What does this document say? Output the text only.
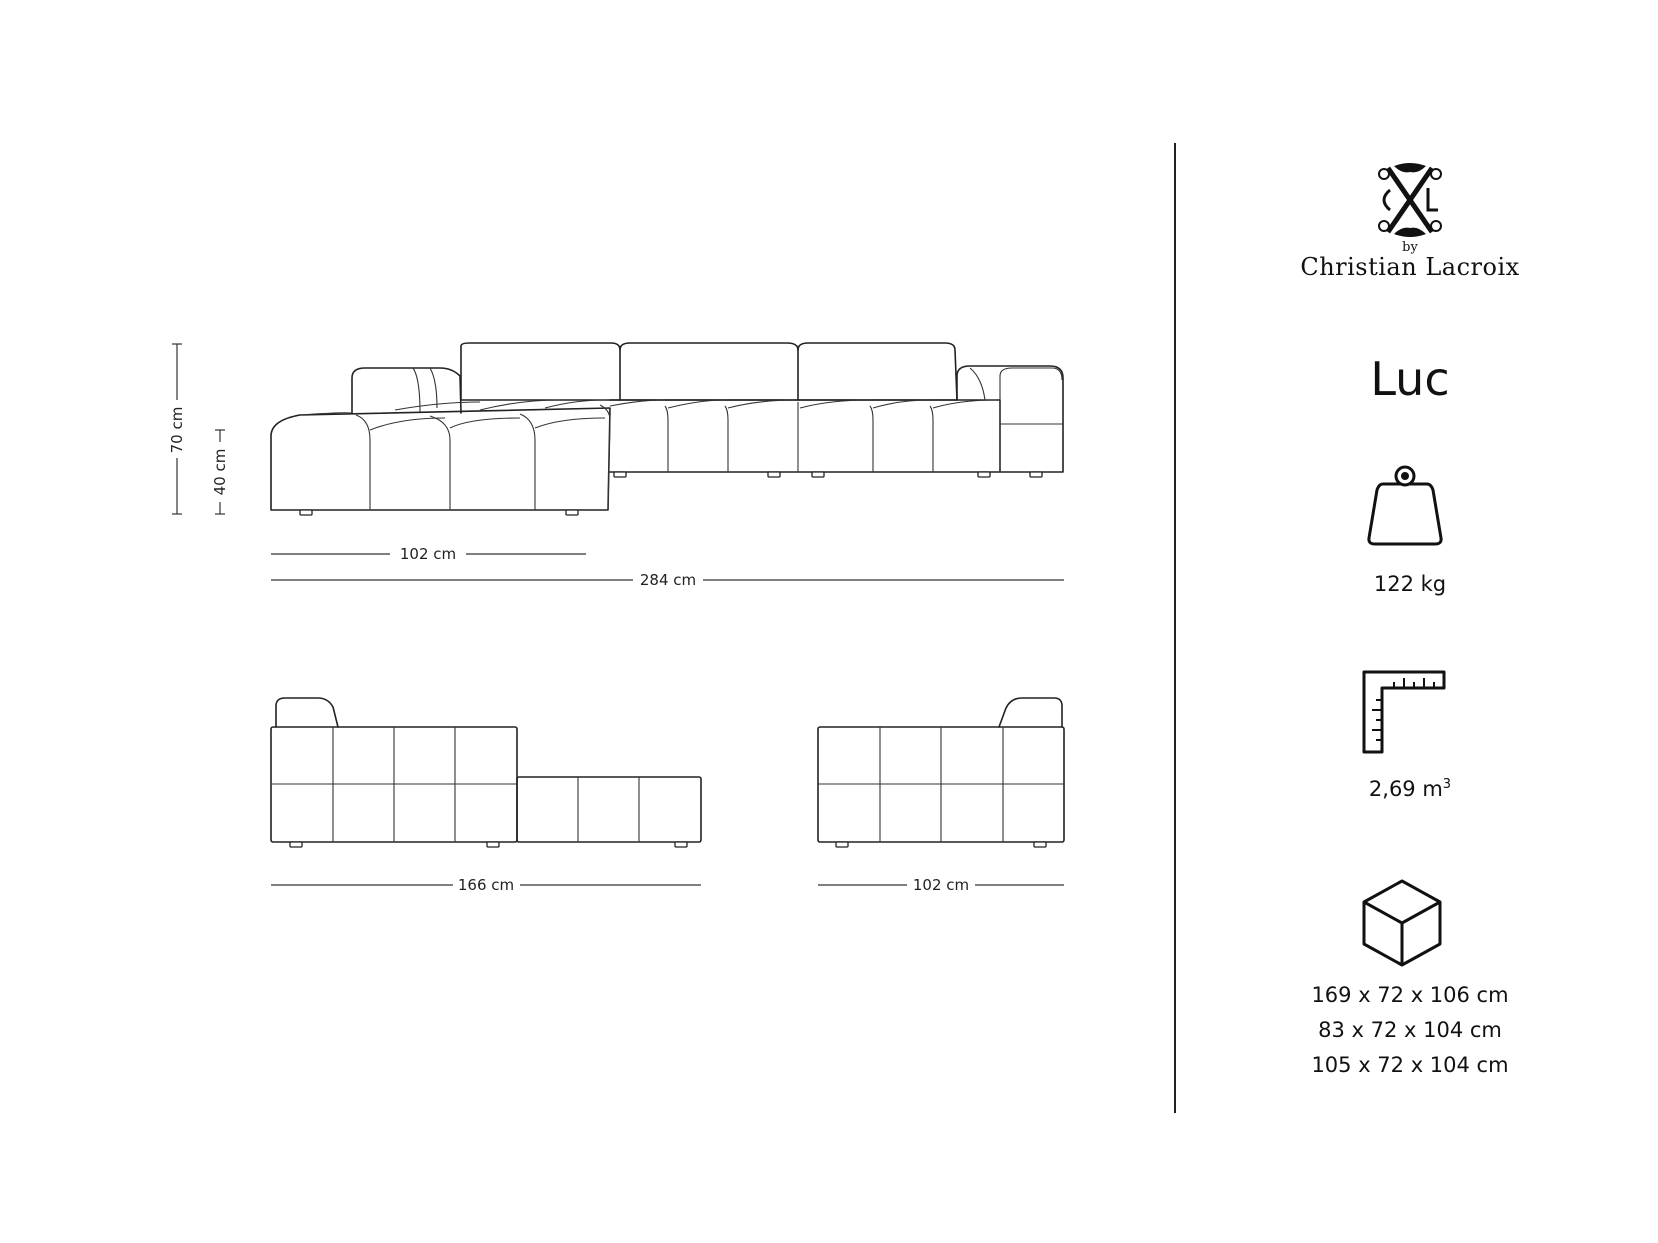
70 cm
40 cm
102 cm
284 cm
166 cm	102 cm
by
Christian Lacroix
Luc
122 kg
2,69 $m^3$
169 x 72 x 106 cm
83 x 72 x 104 cm
105 x 72 x 104 cm
